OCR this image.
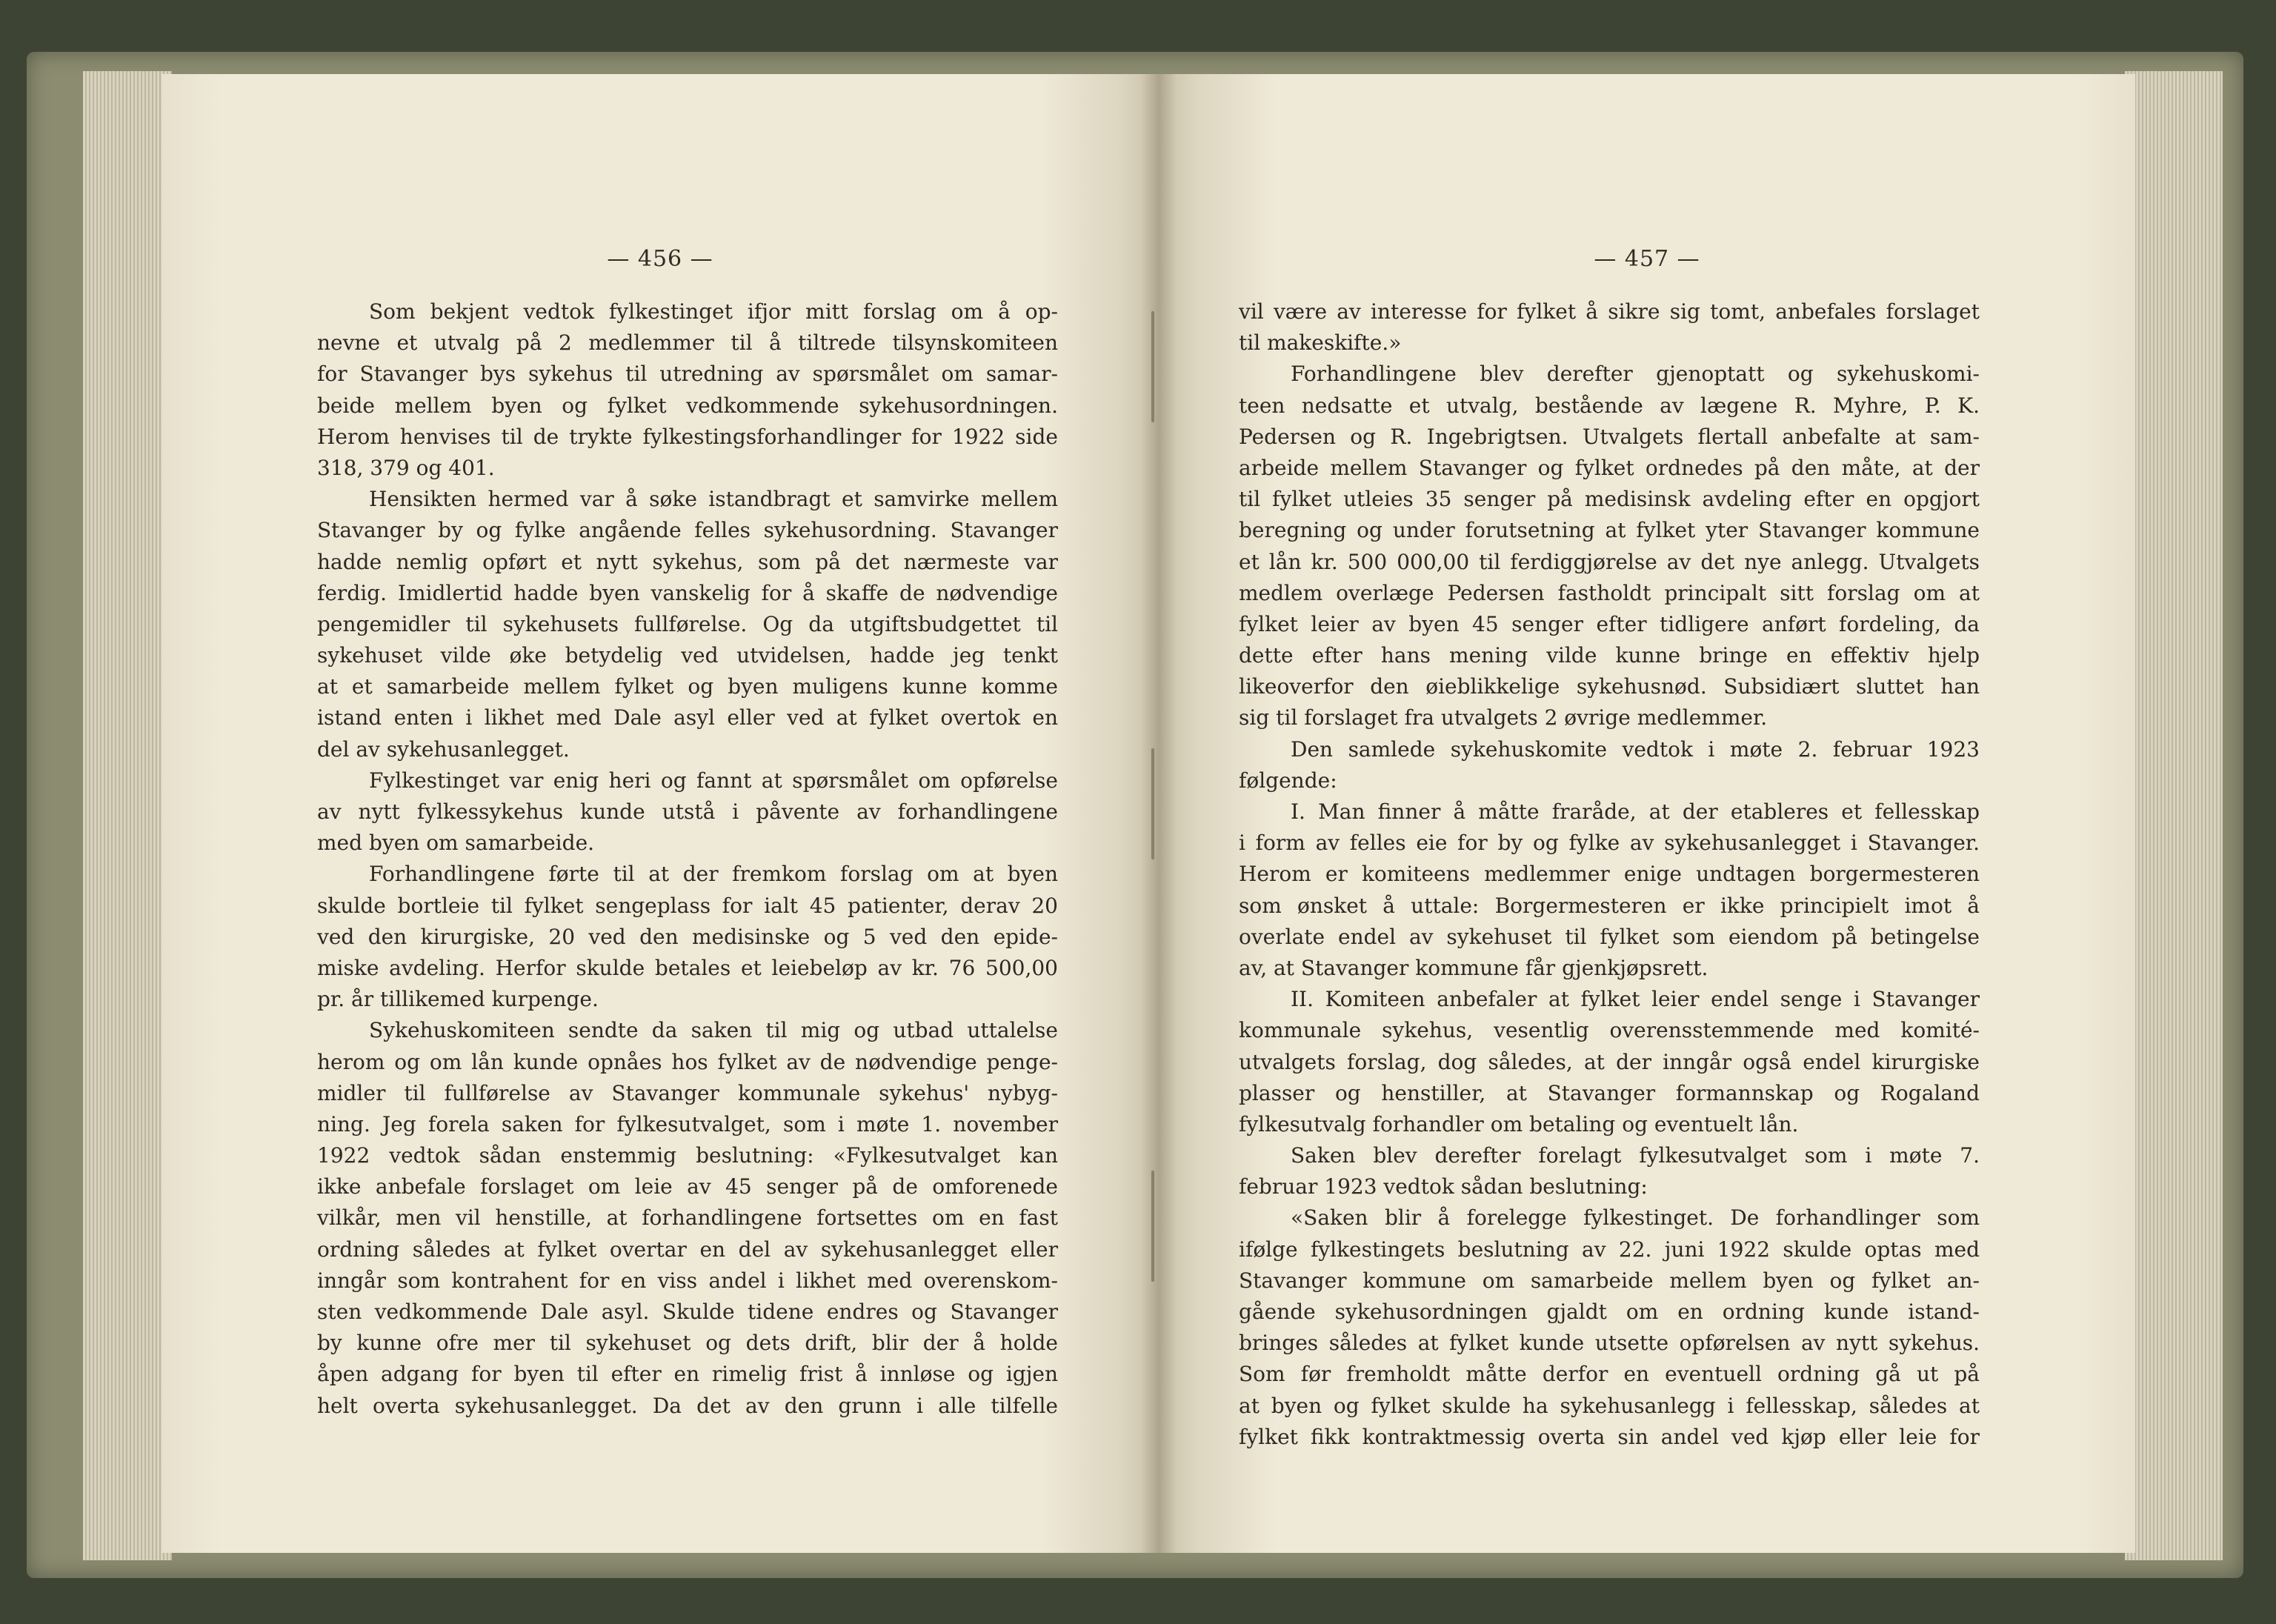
— 456 —
Som bekjent vedtok fylkestinget ifjor mitt forslag om å op-
nevne et utvalg på 2 medlemmer til å tiltrede tilsynskomiteen
for Stavanger bys sykehus til utredning av spørsmålet om samar-
beide mellem byen og fylket vedkommende sykehusordningen.
Herom henvises til de trykte fylkestingsforhandlinger for 1922 side
318, 379 og 401.
Hensikten hermed var å søke istandbragt et samvirke mellem
Stavanger by og fylke angående felles sykehusordning. Stavanger
hadde nemlig opført et nytt sykehus, som på det nærmeste var
ferdig. Imidlertid hadde byen vanskelig for å skaffe de nødvendige
pengemidler til sykehusets fullførelse. Og da utgiftsbudgettet til
sykehuset vilde øke betydelig ved utvidelsen, hadde jeg tenkt
at et samarbeide mellem fylket og byen muligens kunne komme
istand enten i likhet med Dale asyl eller ved at fylket overtok en
del av sykehusanlegget.
Fylkestinget var enig heri og fannt at spørsmålet om opførelse
av nytt fylkessykehus kunde utstå i påvente av forhandlingene
med byen om samarbeide.
Forhandlingene førte til at der fremkom forslag om at byen
skulde bortleie til fylket sengeplass for ialt 45 patienter, derav 20
ved den kirurgiske, 20 ved den medisinske og 5 ved den epide-
miske avdeling. Herfor skulde betales et leiebeløp av kr. 76 500,00
pr. år tillikemed kurpenge.
Sykehuskomiteen sendte da saken til mig og utbad uttalelse
herom og om lån kunde opnåes hos fylket av de nødvendige penge-
midler til fullførelse av Stavanger kommunale sykehus' nybyg-
ning. Jeg forela saken for fylkesutvalget, som i møte 1. november
1922 vedtok sådan enstemmig beslutning: «Fylkesutvalget kan
ikke anbefale forslaget om leie av 45 senger på de omforenede
vilkår, men vil henstille, at forhandlingene fortsettes om en fast
ordning således at fylket overtar en del av sykehusanlegget eller
inngår som kontrahent for en viss andel i likhet med overenskom-
sten vedkommende Dale asyl. Skulde tidene endres og Stavanger
by kunne ofre mer til sykehuset og dets drift, blir der å holde
åpen adgang for byen til efter en rimelig frist å innløse og igjen
helt overta sykehusanlegget. Da det av den grunn i alle tilfelle
— 457 —
vil være av interesse for fylket å sikre sig tomt, anbefales forslaget
til makeskifte.»
Forhandlingene blev derefter gjenoptatt og sykehuskomi-
teen nedsatte et utvalg, bestående av lægene R. Myhre, P. K.
Pedersen og R. Ingebrigtsen. Utvalgets flertall anbefalte at sam-
arbeide mellem Stavanger og fylket ordnedes på den måte, at der
til fylket utleies 35 senger på medisinsk avdeling efter en opgjort
beregning og under forutsetning at fylket yter Stavanger kommune
et lån kr. 500 000,00 til ferdiggjørelse av det nye anlegg. Utvalgets
medlem overlæge Pedersen fastholdt principalt sitt forslag om at
fylket leier av byen 45 senger efter tidligere anført fordeling, da
dette efter hans mening vilde kunne bringe en effektiv hjelp
likeoverfor den øieblikkelige sykehusnød. Subsidiært sluttet han
sig til forslaget fra utvalgets 2 øvrige medlemmer.
Den samlede sykehuskomite vedtok i møte 2. februar 1923
følgende:
I. Man finner å måtte fraråde, at der etableres et fellesskap
i form av felles eie for by og fylke av sykehusanlegget i Stavanger.
Herom er komiteens medlemmer enige undtagen borgermesteren
som ønsket å uttale: Borgermesteren er ikke principielt imot å
overlate endel av sykehuset til fylket som eiendom på betingelse
av, at Stavanger kommune får gjenkjøpsrett.
II. Komiteen anbefaler at fylket leier endel senge i Stavanger
kommunale sykehus, vesentlig overensstemmende med komité-
utvalgets forslag, dog således, at der inngår også endel kirurgiske
plasser og henstiller, at Stavanger formannskap og Rogaland
fylkesutvalg forhandler om betaling og eventuelt lån.
Saken blev derefter forelagt fylkesutvalget som i møte 7.
februar 1923 vedtok sådan beslutning:
«Saken blir å forelegge fylkestinget. De forhandlinger som
ifølge fylkestingets beslutning av 22. juni 1922 skulde optas med
Stavanger kommune om samarbeide mellem byen og fylket an-
gående sykehusordningen gjaldt om en ordning kunde istand-
bringes således at fylket kunde utsette opførelsen av nytt sykehus.
Som før fremholdt måtte derfor en eventuell ordning gå ut på
at byen og fylket skulde ha sykehusanlegg i fellesskap, således at
fylket fikk kontraktmessig overta sin andel ved kjøp eller leie for
